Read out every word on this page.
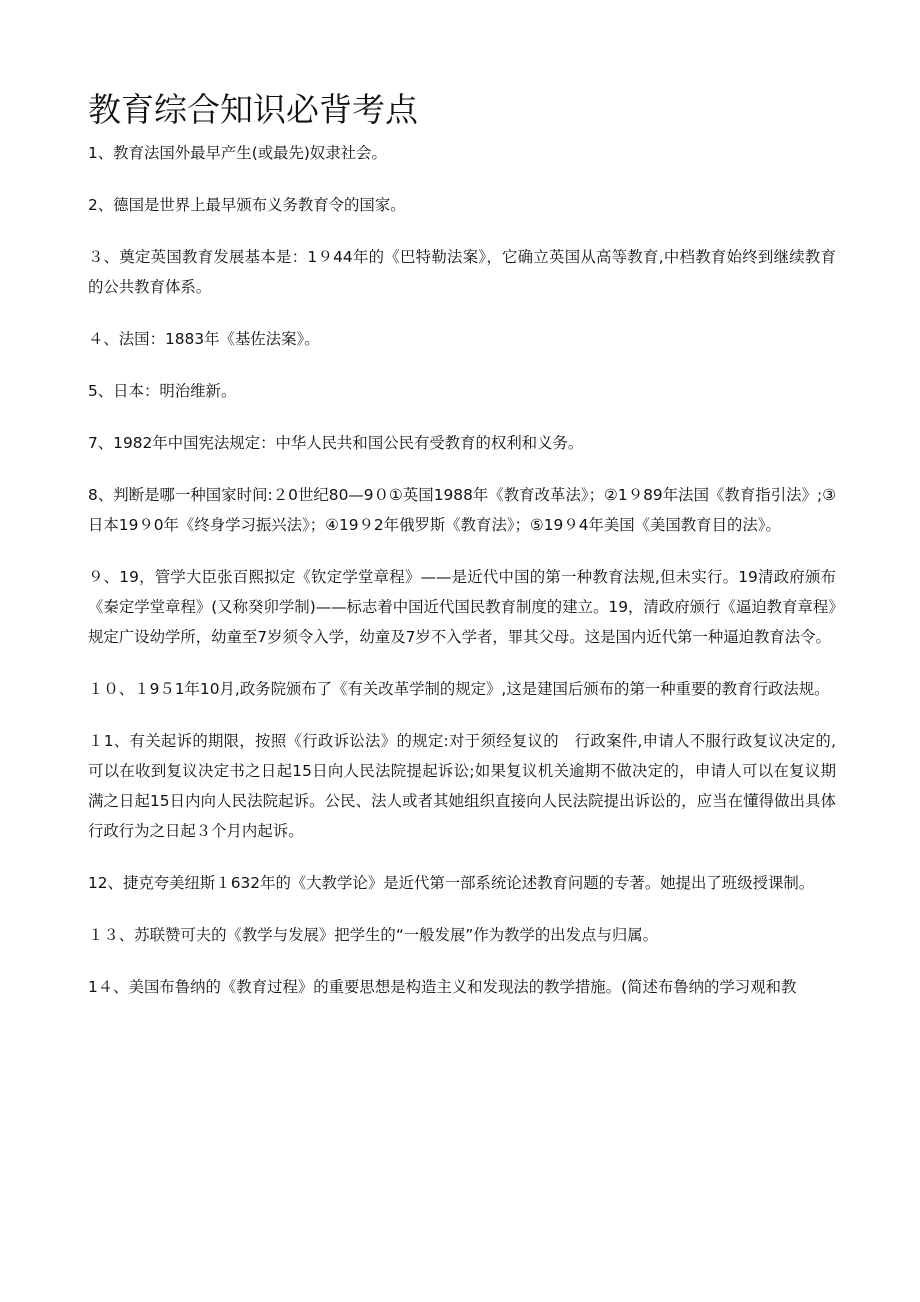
教育综合知识必背考点

1、教育法国外最早产生(或最先)奴隶社会。

2、德国是世界上最早颁布义务教育令的国家。

３、奠定英国教育发展基本是：1９44年的《巴特勒法案》，它确立英国从高等教育,中档教育始终到继续教育的公共教育体系。

４、法国：1883年《基佐法案》。

5、日本：明治维新。

7、1982年中国宪法规定：中华人民共和国公民有受教育的权利和义务。

8、判断是哪一种国家时间:２0世纪80—9０①英国1988年《教育改革法》；②1９89年法国《教育指引法》;③日本19９0年《终身学习振兴法》；④19９2年俄罗斯《教育法》；⑤19９4年美国《美国教育目的法》。

９、19，管学大臣张百熙拟定《钦定学堂章程》——是近代中国的第一种教育法规,但未实行。19清政府颁布《秦定学堂章程》(又称癸卯学制)——标志着中国近代国民教育制度的建立。19，清政府颁行《逼迫教育章程》规定广设幼学所，幼童至7岁须令入学，幼童及7岁不入学者，罪其父母。这是国内近代第一种逼迫教育法令。

１０、１9５1年10月,政务院颁布了《有关改革学制的规定》,这是建国后颁布的第一种重要的教育行政法规。

１1、有关起诉的期限，按照《行政诉讼法》的规定:对于须经复议的　行政案件,申请人不服行政复议决定的,可以在收到复议决定书之日起15日向人民法院提起诉讼;如果复议机关逾期不做决定的，申请人可以在复议期满之日起15日内向人民法院起诉。公民、法人或者其她组织直接向人民法院提出诉讼的，应当在懂得做出具体行政行为之日起３个月内起诉。

12、捷克夸美纽斯１632年的《大教学论》是近代第一部系统论述教育问题的专著。她提出了班级授课制。

１３、苏联赞可夫的《教学与发展》把学生的“一般发展”作为教学的出发点与归属。

1４、美国布鲁纳的《教育过程》的重要思想是构造主义和发现法的教学措施。(简述布鲁纳的学习观和教
